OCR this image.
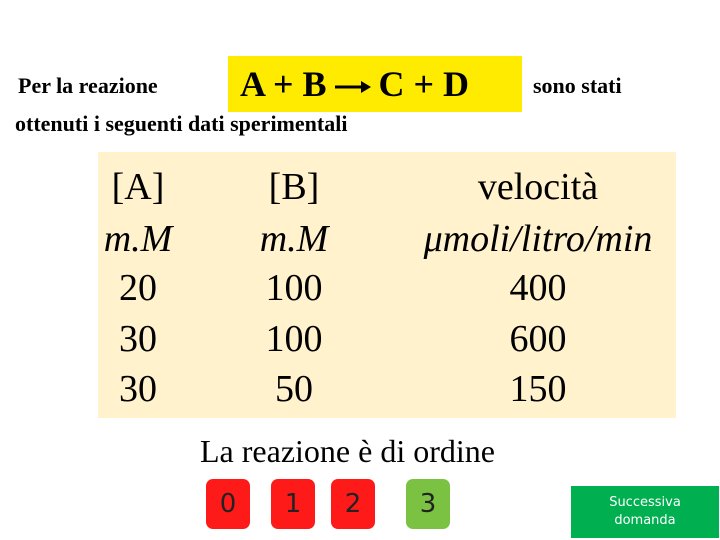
Per la reazione A + B → C + D	sono stati
ottenuti i seguenti dati sperimentali
[A]	[B]	velocità
m.M	m.M	μmoli/litro/min
20	100	400
30	100	600
30	50	150
La reazione è di ordine
0	1	2	3	Successiva
domanda
